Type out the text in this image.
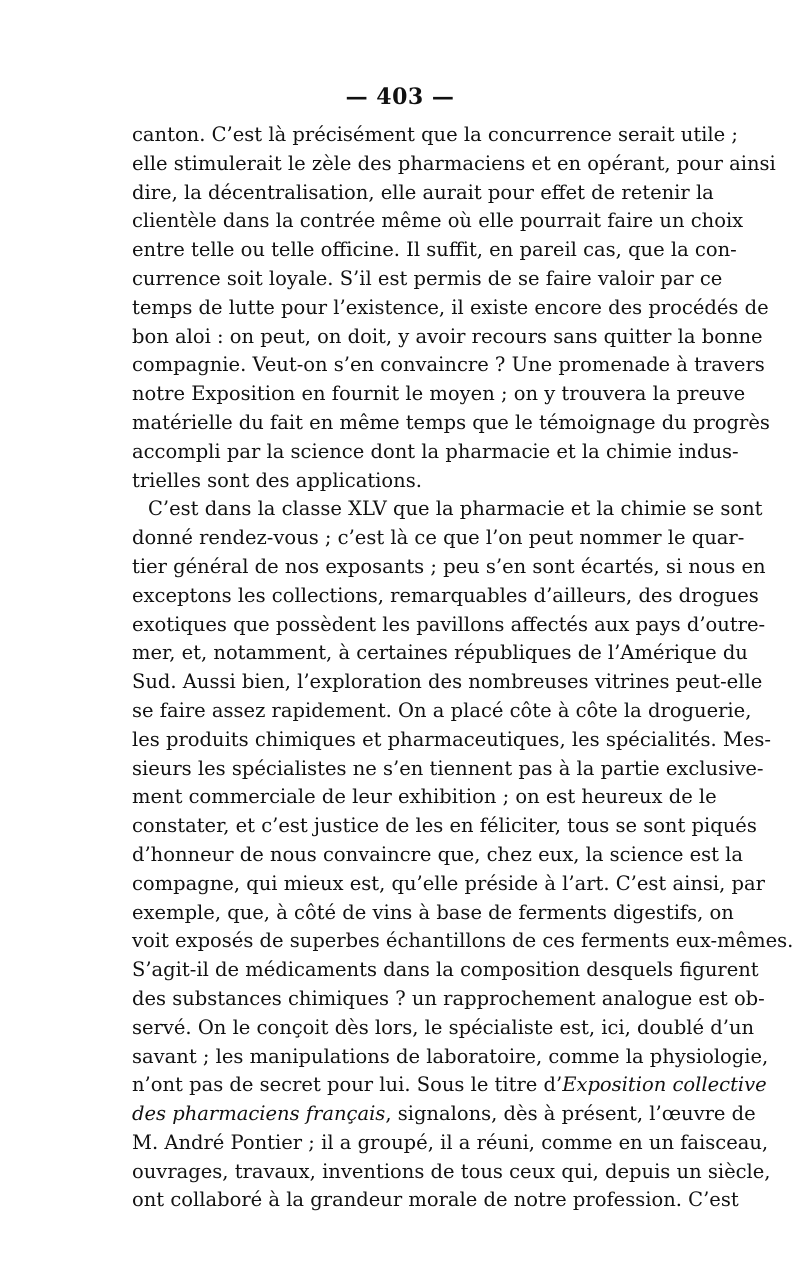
— 403 —
canton. C’est là précisément que la concurrence serait utile ;
elle stimulerait le zèle des pharmaciens et en opérant, pour ainsi
dire, la décentralisation, elle aurait pour effet de retenir la
clientèle dans la contrée même où elle pourrait faire un choix
entre telle ou telle officine. Il suffit, en pareil cas, que la con-
currence soit loyale. S’il est permis de se faire valoir par ce
temps de lutte pour l’existence, il existe encore des procédés de
bon aloi : on peut, on doit, y avoir recours sans quitter la bonne
compagnie. Veut-on s’en convaincre ? Une promenade à travers
notre Exposition en fournit le moyen ; on y trouvera la preuve
matérielle du fait en même temps que le témoignage du progrès
accompli par la science dont la pharmacie et la chimie indus-
trielles sont des applications.
C’est dans la classe XLV que la pharmacie et la chimie se sont
donné rendez-vous ; c’est là ce que l’on peut nommer le quar-
tier général de nos exposants ; peu s’en sont écartés, si nous en
exceptons les collections, remarquables d’ailleurs, des drogues
exotiques que possèdent les pavillons affectés aux pays d’outre-
mer, et, notamment, à certaines républiques de l’Amérique du
Sud. Aussi bien, l’exploration des nombreuses vitrines peut-elle
se faire assez rapidement. On a placé côte à côte la droguerie,
les produits chimiques et pharmaceutiques, les spécialités. Mes-
sieurs les spécialistes ne s’en tiennent pas à la partie exclusive-
ment commerciale de leur exhibition ; on est heureux de le
constater, et c’est justice de les en féliciter, tous se sont piqués
d’honneur de nous convaincre que, chez eux, la science est la
compagne, qui mieux est, qu’elle préside à l’art. C’est ainsi, par
exemple, que, à côté de vins à base de ferments digestifs, on
voit exposés de superbes échantillons de ces ferments eux-mêmes.
S’agit-il de médicaments dans la composition desquels figurent
des substances chimiques ? un rapprochement analogue est ob-
servé. On le conçoit dès lors, le spécialiste est, ici, doublé d’un
savant ; les manipulations de laboratoire, comme la physiologie,
n’ont pas de secret pour lui. Sous le titre d’Exposition collective
des pharmaciens français, signalons, dès à présent, l’œuvre de
M. André Pontier ; il a groupé, il a réuni, comme en un faisceau,
ouvrages, travaux, inventions de tous ceux qui, depuis un siècle,
ont collaboré à la grandeur morale de notre profession. C’est
